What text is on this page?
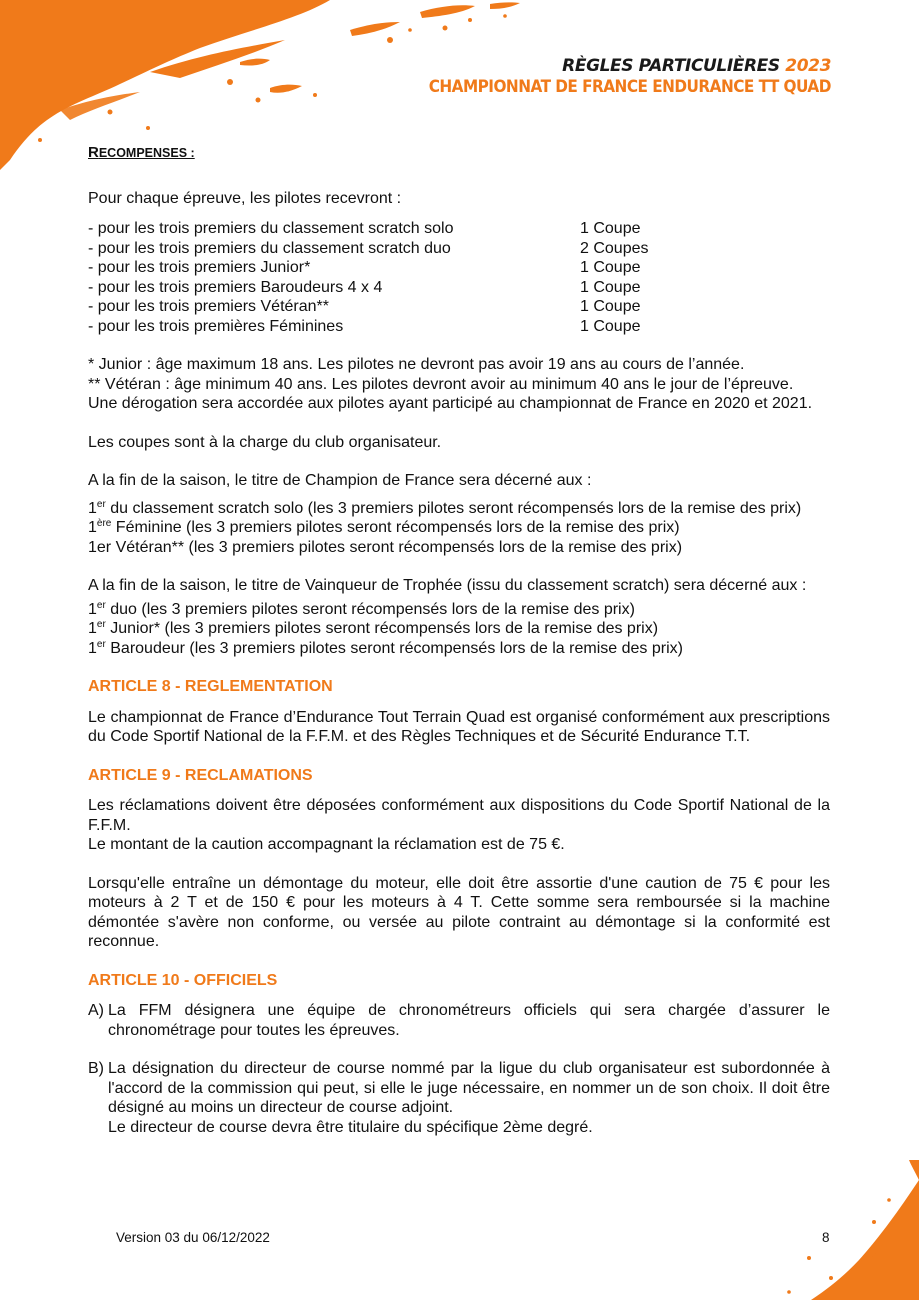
RÈGLES PARTICULIÈRES 2023
CHAMPIONNAT DE FRANCE ENDURANCE TT QUAD

RECOMPENSES :

Pour chaque épreuve, les pilotes recevront :

- pour les trois premiers du classement scratch solo	1 Coupe
- pour les trois premiers du classement scratch duo	2 Coupes
- pour les trois premiers Junior*	1 Coupe
- pour les trois premiers Baroudeurs 4 x 4	1 Coupe
- pour les trois premiers Vétéran**	1 Coupe
- pour les trois premières Féminines	1 Coupe

* Junior : âge maximum 18 ans. Les pilotes ne devront pas avoir 19 ans au cours de l’année.

** Vétéran : âge minimum 40 ans. Les pilotes devront avoir au minimum 40 ans le jour de l’épreuve.

Une dérogation sera accordée aux pilotes ayant participé au championnat de France en 2020 et 2021.

Les coupes sont à la charge du club organisateur.

A la fin de la saison, le titre de Champion de France sera décerné aux :

1er du classement scratch solo (les 3 premiers pilotes seront récompensés lors de la remise des prix)

1ère Féminine (les 3 premiers pilotes seront récompensés lors de la remise des prix)

1er Vétéran** (les 3 premiers pilotes seront récompensés lors de la remise des prix)

A la fin de la saison, le titre de Vainqueur de Trophée (issu du classement scratch) sera décerné aux :

1er duo (les 3 premiers pilotes seront récompensés lors de la remise des prix)

1er Junior* (les 3 premiers pilotes seront récompensés lors de la remise des prix)

1er Baroudeur (les 3 premiers pilotes seront récompensés lors de la remise des prix)

ARTICLE 8 - REGLEMENTATION

Le championnat de France d’Endurance Tout Terrain Quad est organisé conformément aux prescriptions du Code Sportif National de la F.F.M. et des Règles Techniques et de Sécurité Endurance T.T.

ARTICLE 9 - RECLAMATIONS

Les réclamations doivent être déposées conformément aux dispositions du Code Sportif National de la F.F.M.

Le montant de la caution accompagnant la réclamation est de 75 €.

Lorsqu'elle entraîne un démontage du moteur, elle doit être assortie d'une caution de 75 € pour les moteurs à 2 T et de 150 € pour les moteurs à 4 T. Cette somme sera remboursée si la machine démontée s'avère non conforme, ou versée au pilote contraint au démontage si la conformité est reconnue.

ARTICLE 10 - OFFICIELS

A) La FFM désignera une équipe de chronométreurs officiels qui sera chargée d’assurer le chronométrage pour toutes les épreuves.
B) La désignation du directeur de course nommé par la ligue du club organisateur est subordonnée à l'accord de la commission qui peut, si elle le juge nécessaire, en nommer un de son choix. Il doit être désigné au moins un directeur de course adjoint.

Le directeur de course devra être titulaire du spécifique 2ème degré.

Version 03 du 06/12/2022	8
